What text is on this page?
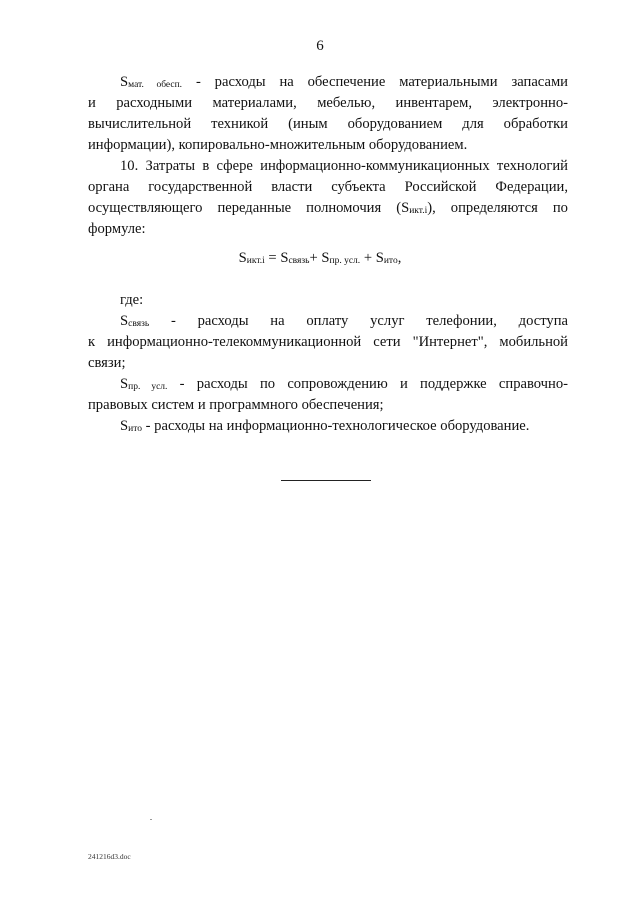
6
Sмат. обесп. - расходы на обеспечение материальными запасами
и расходными материалами, мебелью, инвентарем, электронно-
вычислительной техникой (иным оборудованием для обработки
информации), копировально-множительным оборудованием.
10. Затраты в сфере информационно-коммуникационных технологий
органа государственной власти субъекта Российской Федерации,
осуществляющего переданные полномочия (Sикт.i), определяются по
формуле:
Sикт.i = Sсвязь+ Sпр. усл. + Sито,
где:
Sсвязь - расходы на оплату услуг телефонии, доступа
к информационно-телекоммуникационной сети "Интернет", мобильной
связи;
Sпр. усл. - расходы по сопровождению и поддержке справочно-
правовых систем и программного обеспечения;
Sито - расходы на информационно-технологическое оборудование.
241216d3.doc
